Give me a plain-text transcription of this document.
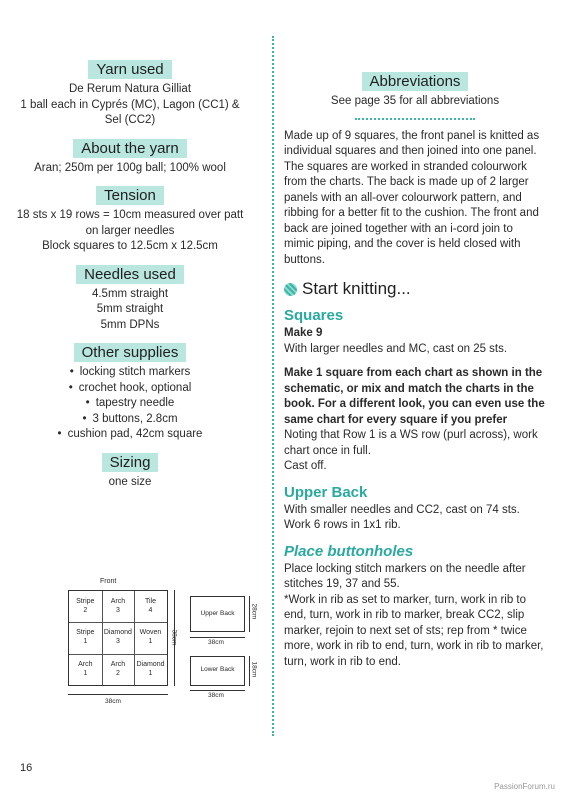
Yarn used
De Rerum Natura Gilliat
1 ball each in Cyprés (MC), Lagon (CC1) &
Sel (CC2)
About the yarn
Aran; 250m per 100g ball; 100% wool
Tension
18 sts x 19 rows = 10cm measured over patt
on larger needles
Block squares to 12.5cm x 12.5cm
Needles used
4.5mm straight
5mm straight
5mm DPNs
Other supplies
• locking stitch markers
• crochet hook, optional
• tapestry needle
• 3 buttons, 2.8cm
• cushion pad, 42cm square
Sizing
one size
Front
Stripe
2
Arch
3
Tile
4
Stripe
1
Diamond
3
Woven
1
Arch
1
Arch
2
Diamond
1
38cm
38cm
Upper Back
38cm
28cm
Lower Back
38cm
18cm
Abbreviations
See page 35 for all abbreviations

Made up of 9 squares, the front panel is knitted as individual squares and then joined into one panel. The squares are worked in stranded colourwork from the charts. The back is made up of 2 larger panels with an all-over colourwork pattern, and ribbing for a better fit to the cushion. The front and back are joined together with an i-cord join to mimic piping, and the cover is held closed with buttons.

Start knitting...
Squares

Make 9

With larger needles and MC, cast on 25 sts.

Make 1 square from each chart as shown in the schematic, or mix and match the charts in the book. For a different look, you can even use the same chart for every square if you prefer

Noting that Row 1 is a WS row (purl across), work chart once in full.

Cast off.

Upper Back

With smaller needles and CC2, cast on 74 sts. Work 6 rows in 1x1 rib.

Place buttonholes

Place locking stitch markers on the needle after stitches 19, 37 and 55.

*Work in rib as set to marker, turn, work in rib to end, turn, work in rib to marker, break CC2, slip marker, rejoin to next set of sts; rep from * twice more, work in rib to end, turn, work in rib to marker, turn, work in rib to end.

16
PassionForum.ru
